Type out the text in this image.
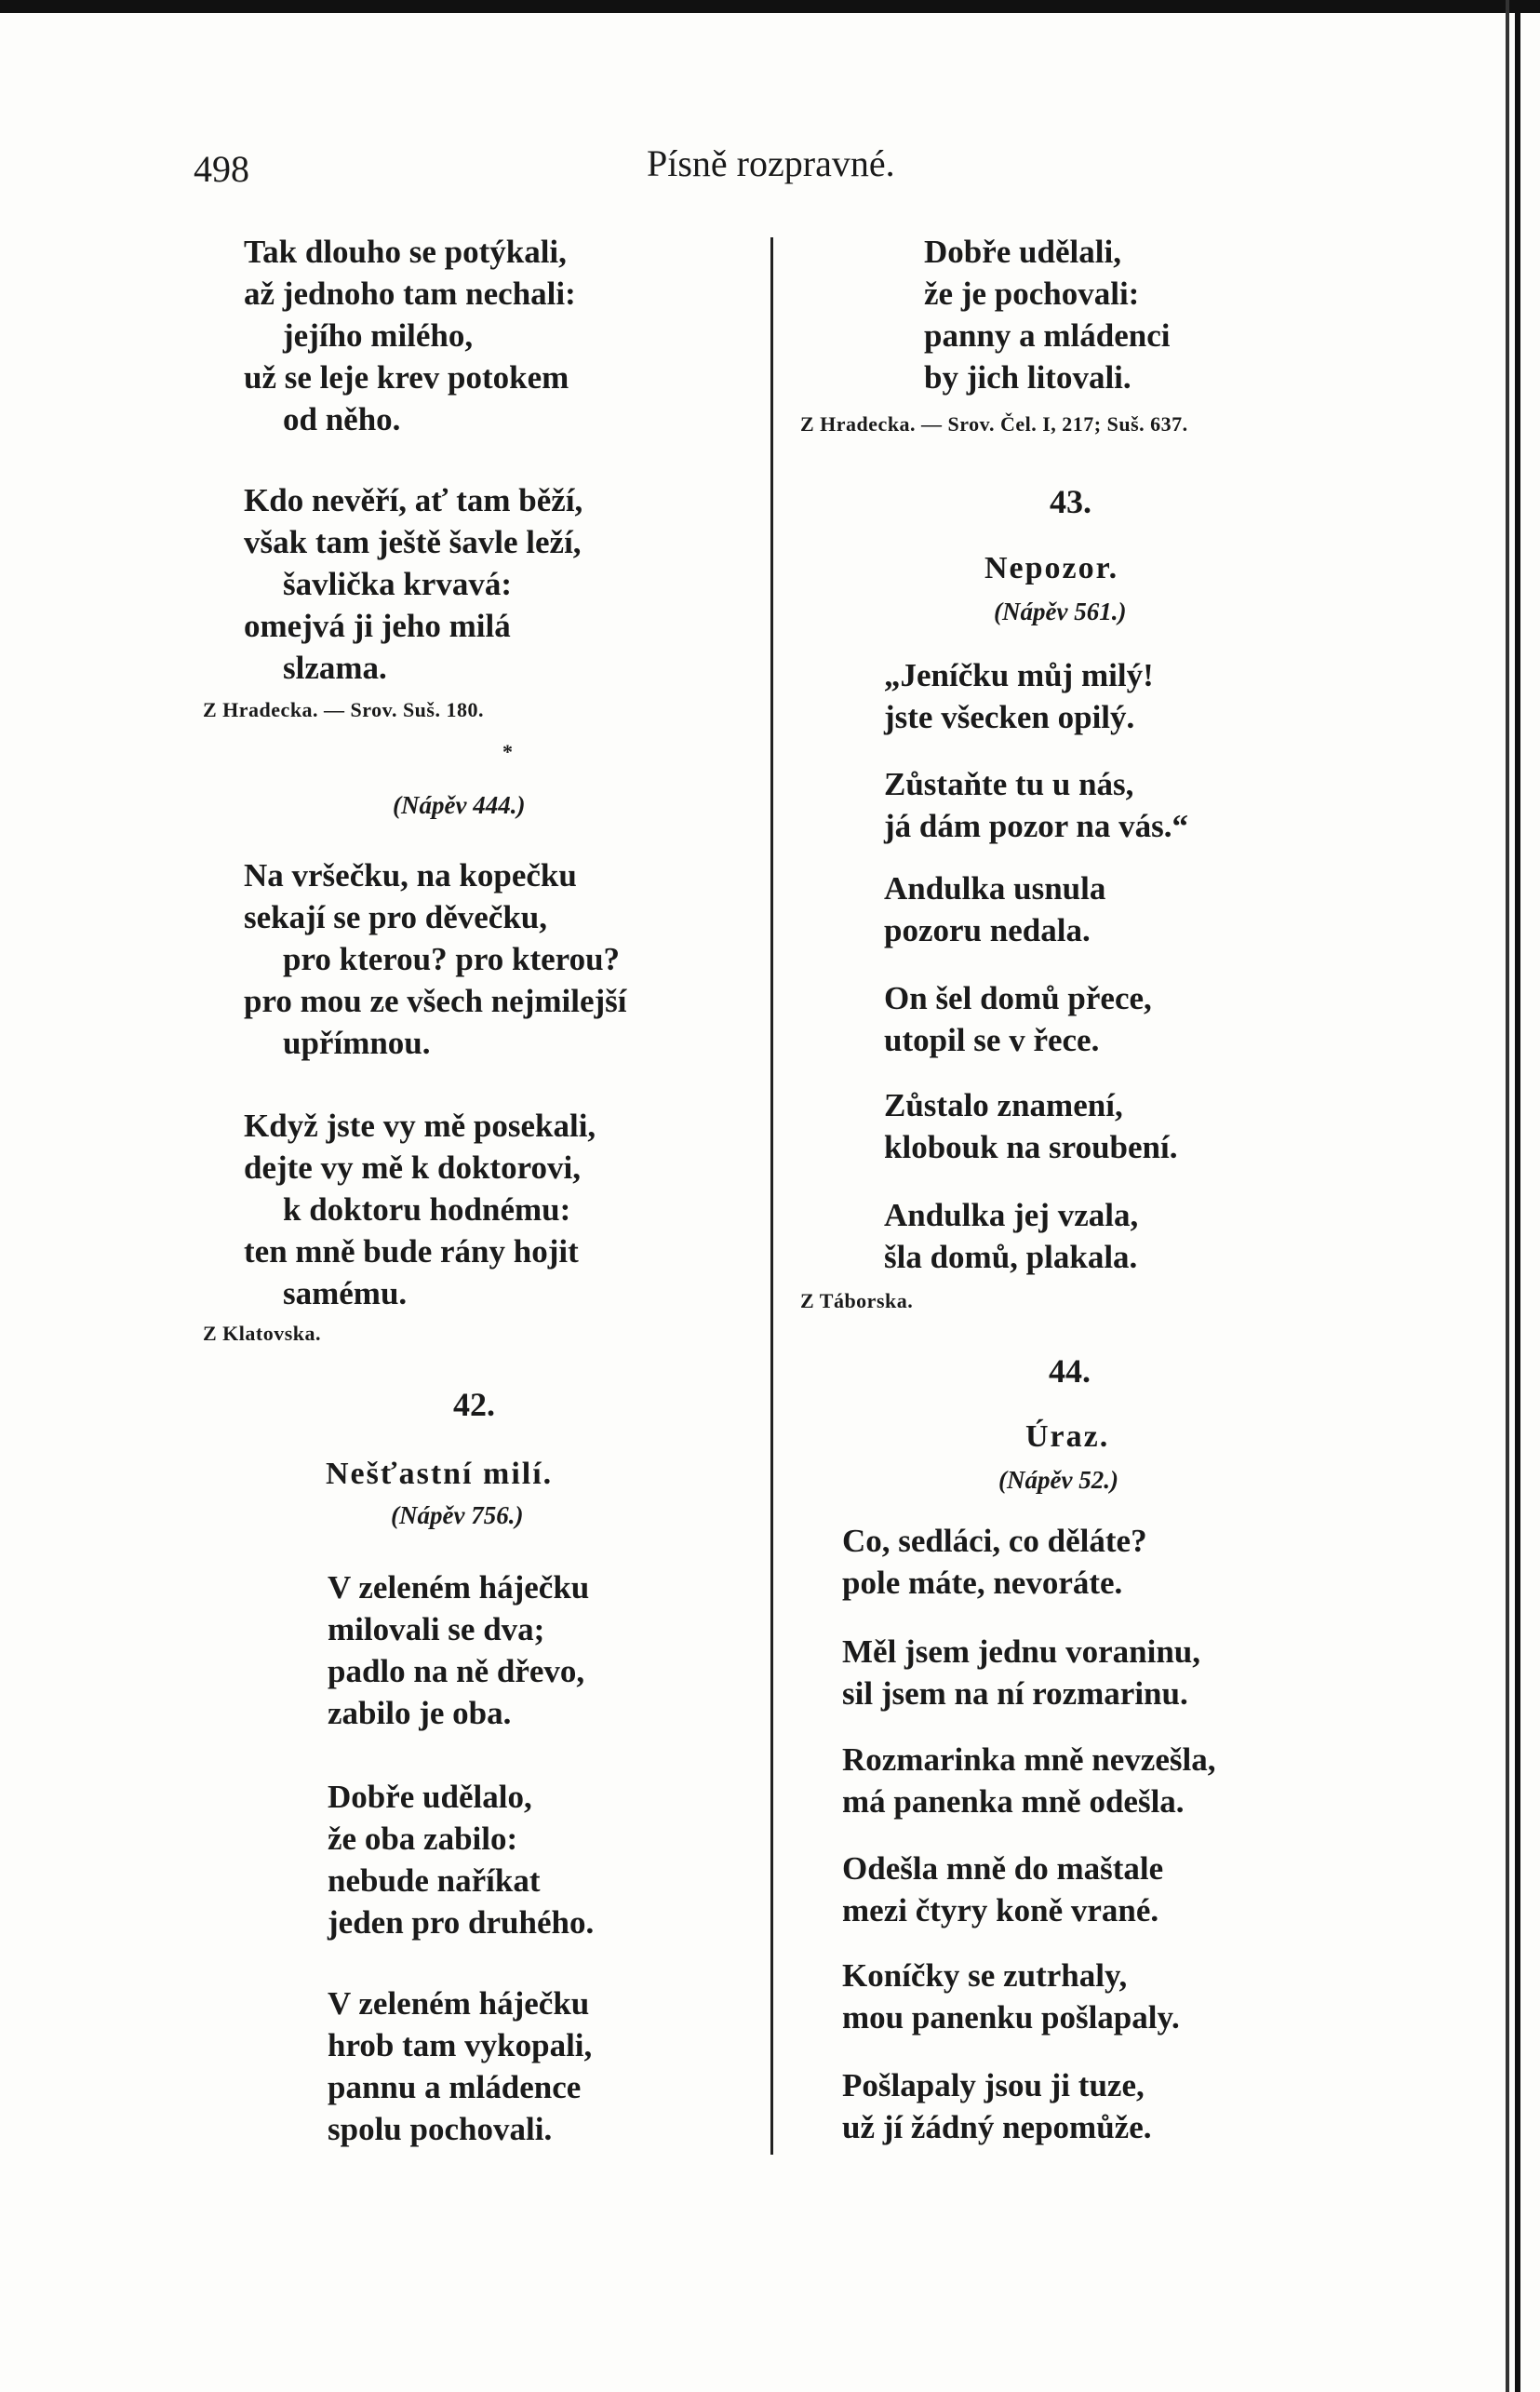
498	Písně rozpravné.
Tak dlouho se potýkali,
až jednoho tam nechali:
jejího milého,
už se leje krev potokem
od něho.
Kdo nevěří, ať tam běží,
však tam ještě šavle leží,
šavlička krvavá:
omejvá ji jeho milá
slzama.
Z Hradecka. — Srov. Suš. 180.
*
(Nápěv 444.)
Na vršečku, na kopečku
sekají se pro děvečku,
pro kterou? pro kterou?
pro mou ze všech nejmilejší
upřímnou.
Když jste vy mě posekali,
dejte vy mě k doktorovi,
k doktoru hodnému:
ten mně bude rány hojit
samému.
Z Klatovska.
42.
Nešťastní milí.
(Nápěv 756.)
V zeleném háječku
milovali se dva;
padlo na ně dřevo,
zabilo je oba.
Dobře udělalo,
že oba zabilo:
nebude naříkat
jeden pro druhého.
V zeleném háječku
hrob tam vykopali,
pannu a mládence
spolu pochovali.
Dobře udělali,
že je pochovali:
panny a mládenci
by jich litovali.
Z Hradecka. — Srov. Čel. I, 217; Suš. 637.
43.
Nepozor.
(Nápěv 561.)
„Jeníčku můj milý!
jste všecken opilý.
Zůstaňte tu u nás,
já dám pozor na vás.“
Andulka usnula
pozoru nedala.
On šel domů přece,
utopil se v řece.
Zůstalo znamení,
klobouk na sroubení.
Andulka jej vzala,
šla domů, plakala.
Z Táborska.
44.
Úraz.
(Nápěv 52.)
Co, sedláci, co děláte?
pole máte, nevoráte.
Měl jsem jednu voraninu,
sil jsem na ní rozmarinu.
Rozmarinka mně nevzešla,
má panenka mně odešla.
Odešla mně do maštale
mezi čtyry koně vrané.
Koníčky se zutrhaly,
mou panenku pošlapaly.
Pošlapaly jsou ji tuze,
už jí žádný nepomůže.
